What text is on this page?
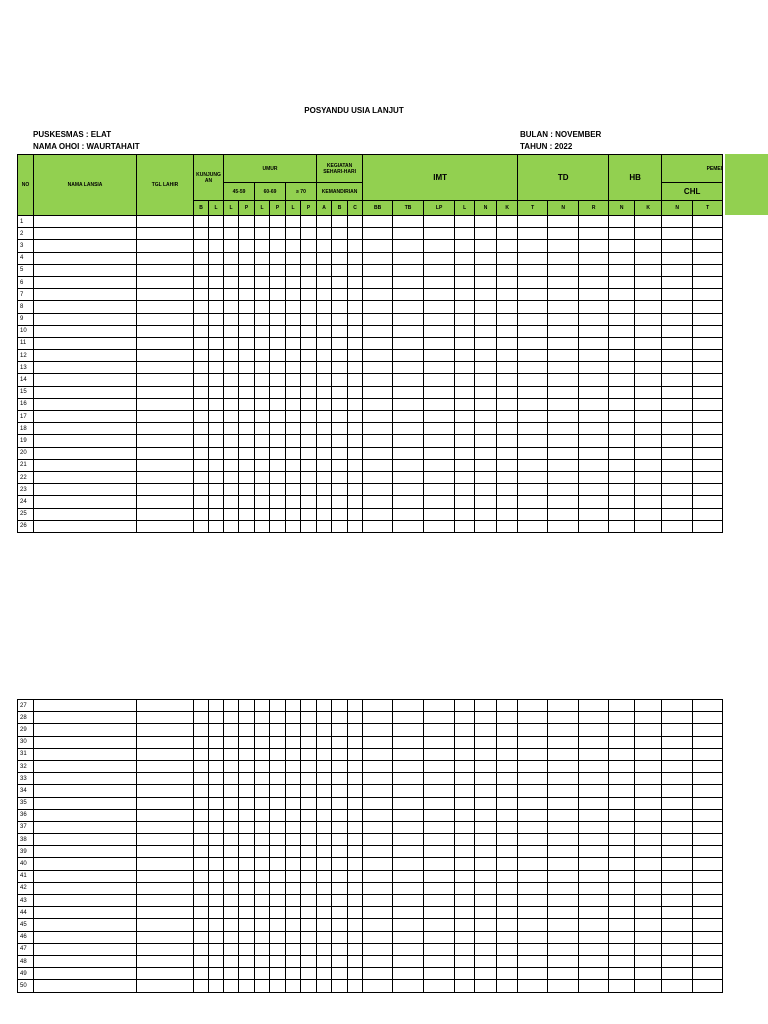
POSYANDU USIA LANJUT
PUSKESMAS : ELAT
NAMA OHOI : WAURTAHAIT
BULAN : NOVEMBER
TAHUN : 2022
NO	NAMA LANSIA	TGL LAHIR	KUNJUNG AN		UMUR						KEGIATAN SEHARI-HARI			IMT						TD			HB		PEMEI	
					45-59		60-69		≥ 70		KEMANDIRIAN														CHL	
			B	L	L	P	L	P	L	P	A	B	C	BB	TB	LP	L	N	K	T	N	R	N	K	N	T
1																										
2																										
3																										
4																										
5																										
6																										
7																										
8																										
9																										
10																										
11																										
12																										
13																										
14																										
15																										
16																										
17																										
18																										
19																										
20																										
21																										
22																										
23																										
24																										
25																										
26																										
27																										
28																										
29																										
30																										
31																										
32																										
33																										
34																										
35																										
36																										
37																										
38																										
39																										
40																										
41																										
42																										
43																										
44																										
45																										
46																										
47																										
48																										
49																										
50																										
